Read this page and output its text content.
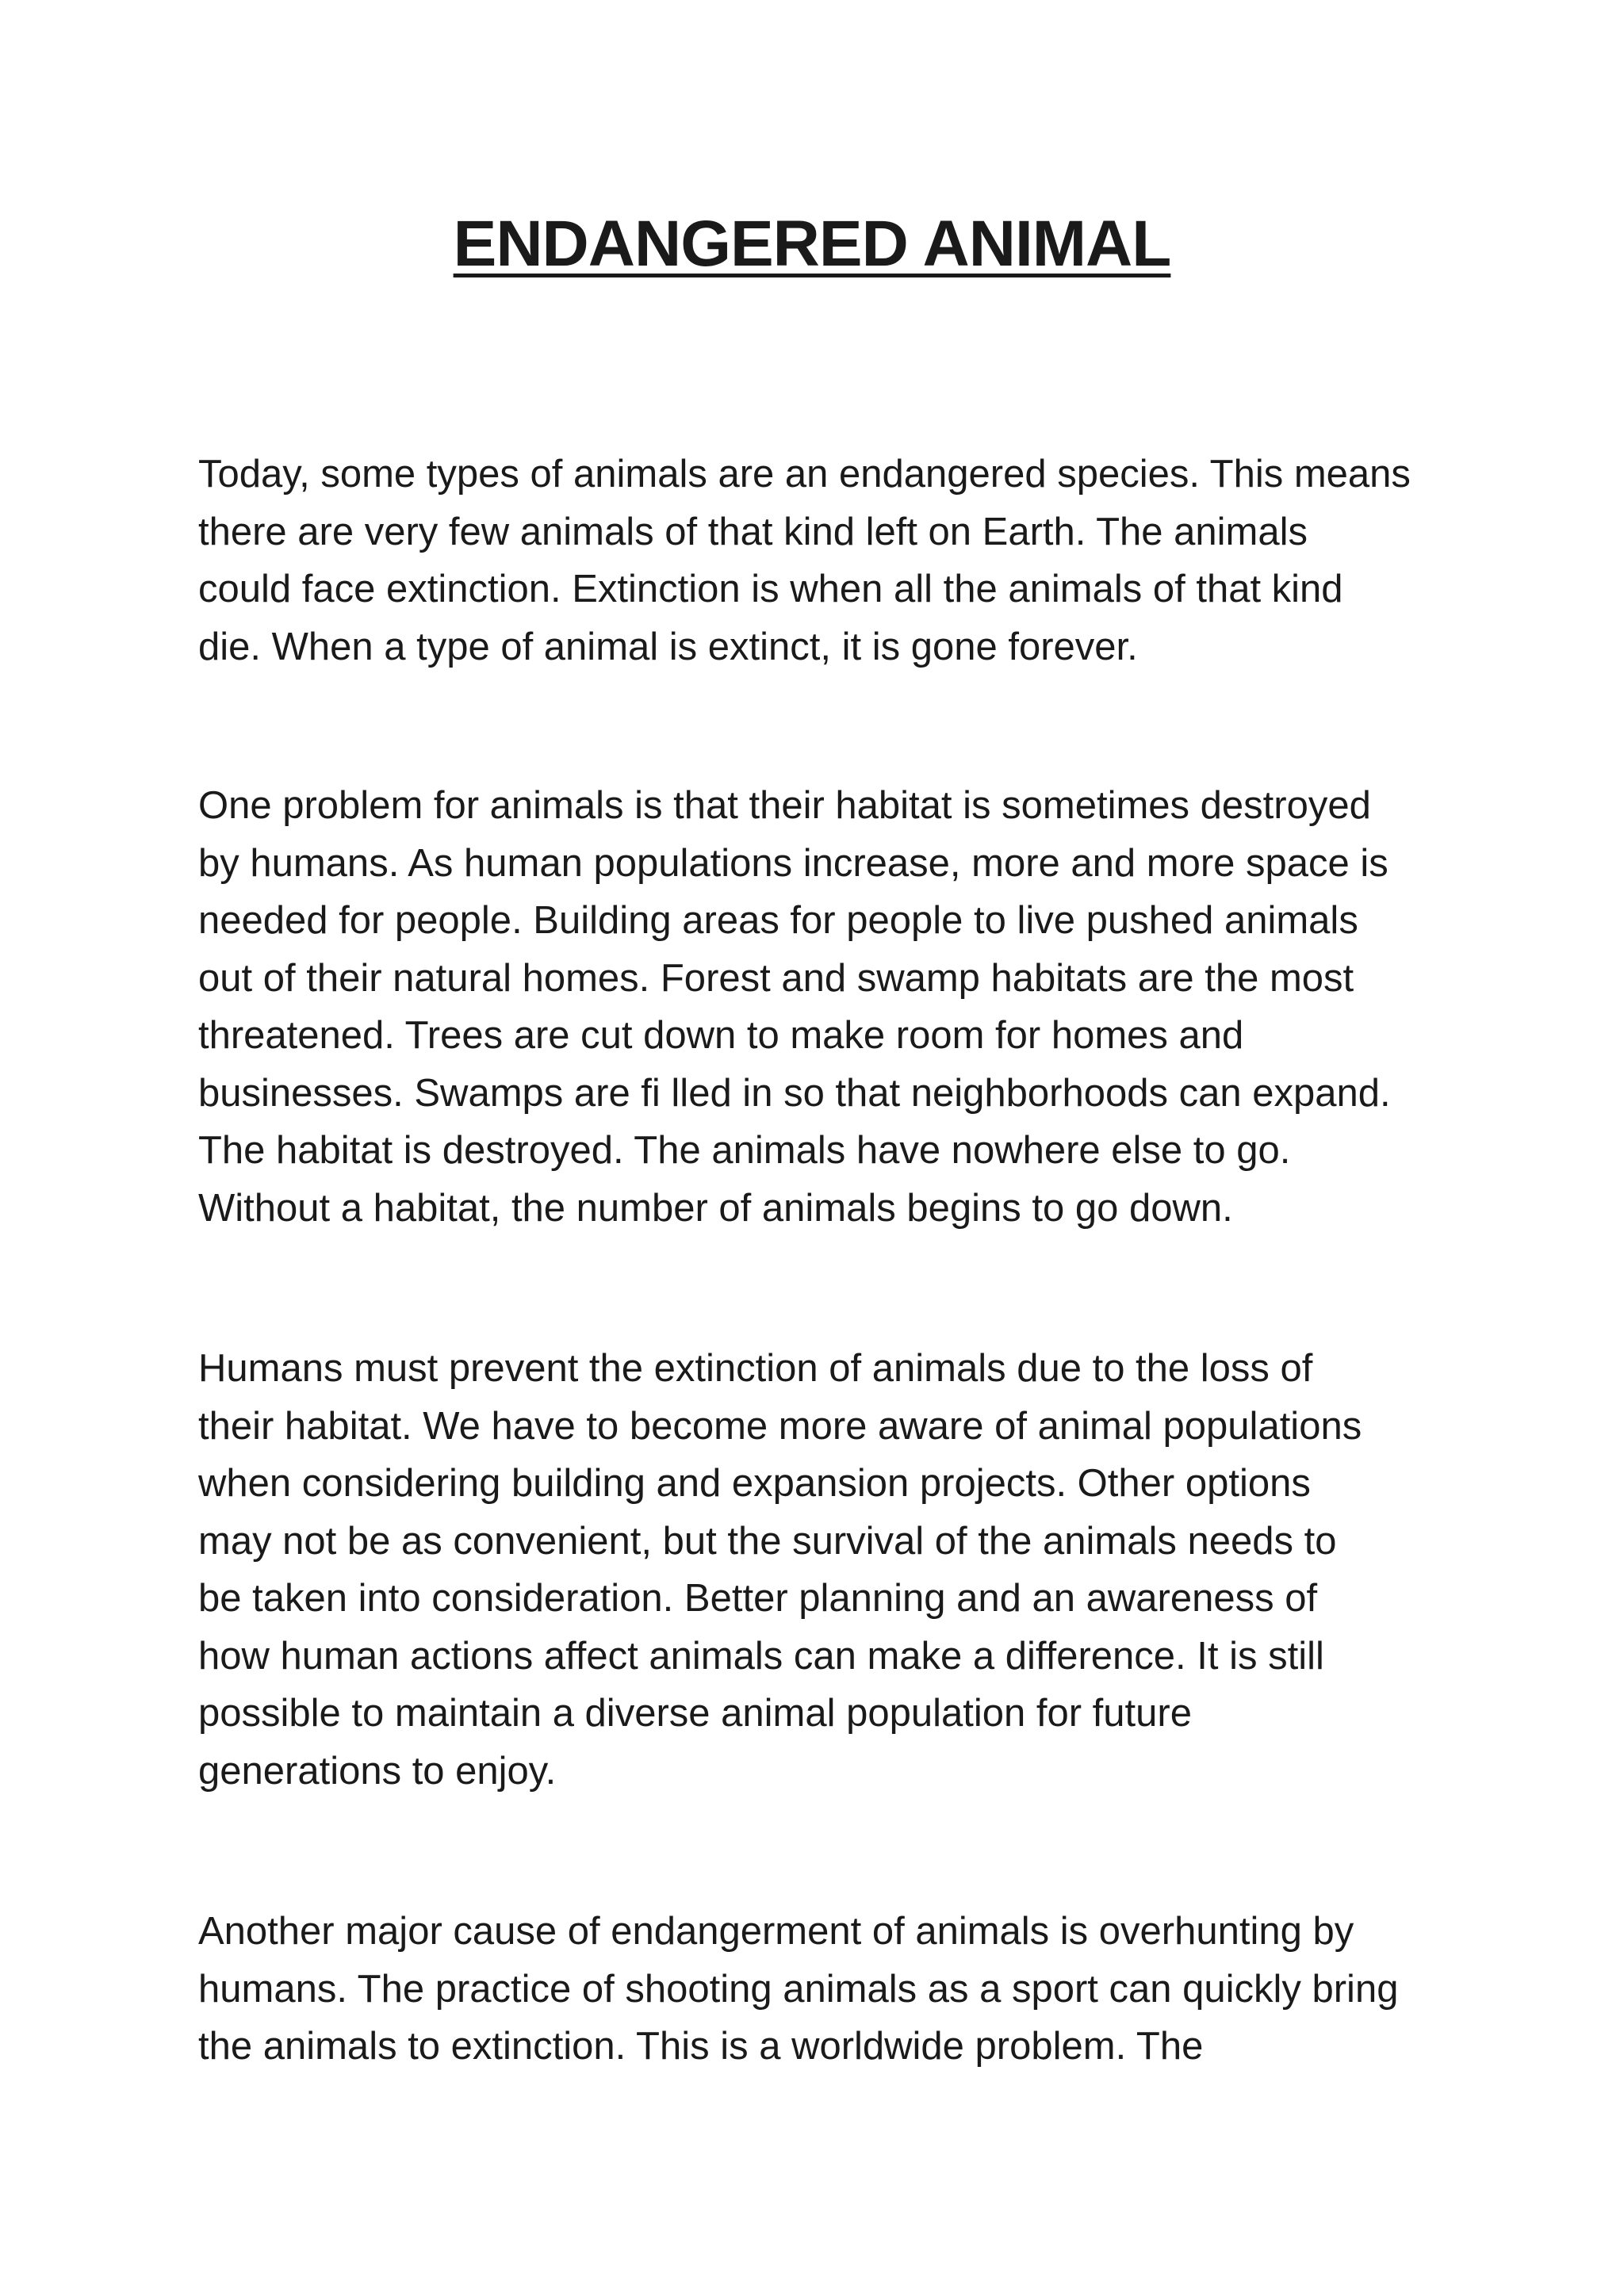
ENDANGERED ANIMAL

Today, some types of animals are an endangered species. This means
there are very few animals of that kind left on Earth. The animals
could face extinction. Extinction is when all the animals of that kind
die. When a type of animal is extinct, it is gone forever.

One problem for animals is that their habitat is sometimes destroyed
by humans. As human populations increase, more and more space is
needed for people. Building areas for people to live pushed animals
out of their natural homes. Forest and swamp habitats are the most
threatened. Trees are cut down to make room for homes and
businesses. Swamps are fi lled in so that neighborhoods can expand.
The habitat is destroyed. The animals have nowhere else to go.
Without a habitat, the number of animals begins to go down.

Humans must prevent the extinction of animals due to the loss of
their habitat. We have to become more aware of animal populations
when considering building and expansion projects. Other options
may not be as convenient, but the survival of the animals needs to
be taken into consideration. Better planning and an awareness of
how human actions affect animals can make a difference. It is still
possible to maintain a diverse animal population for future
generations to enjoy.

Another major cause of endangerment of animals is overhunting by
humans. The practice of shooting animals as a sport can quickly bring
the animals to extinction. This is a worldwide problem. The
